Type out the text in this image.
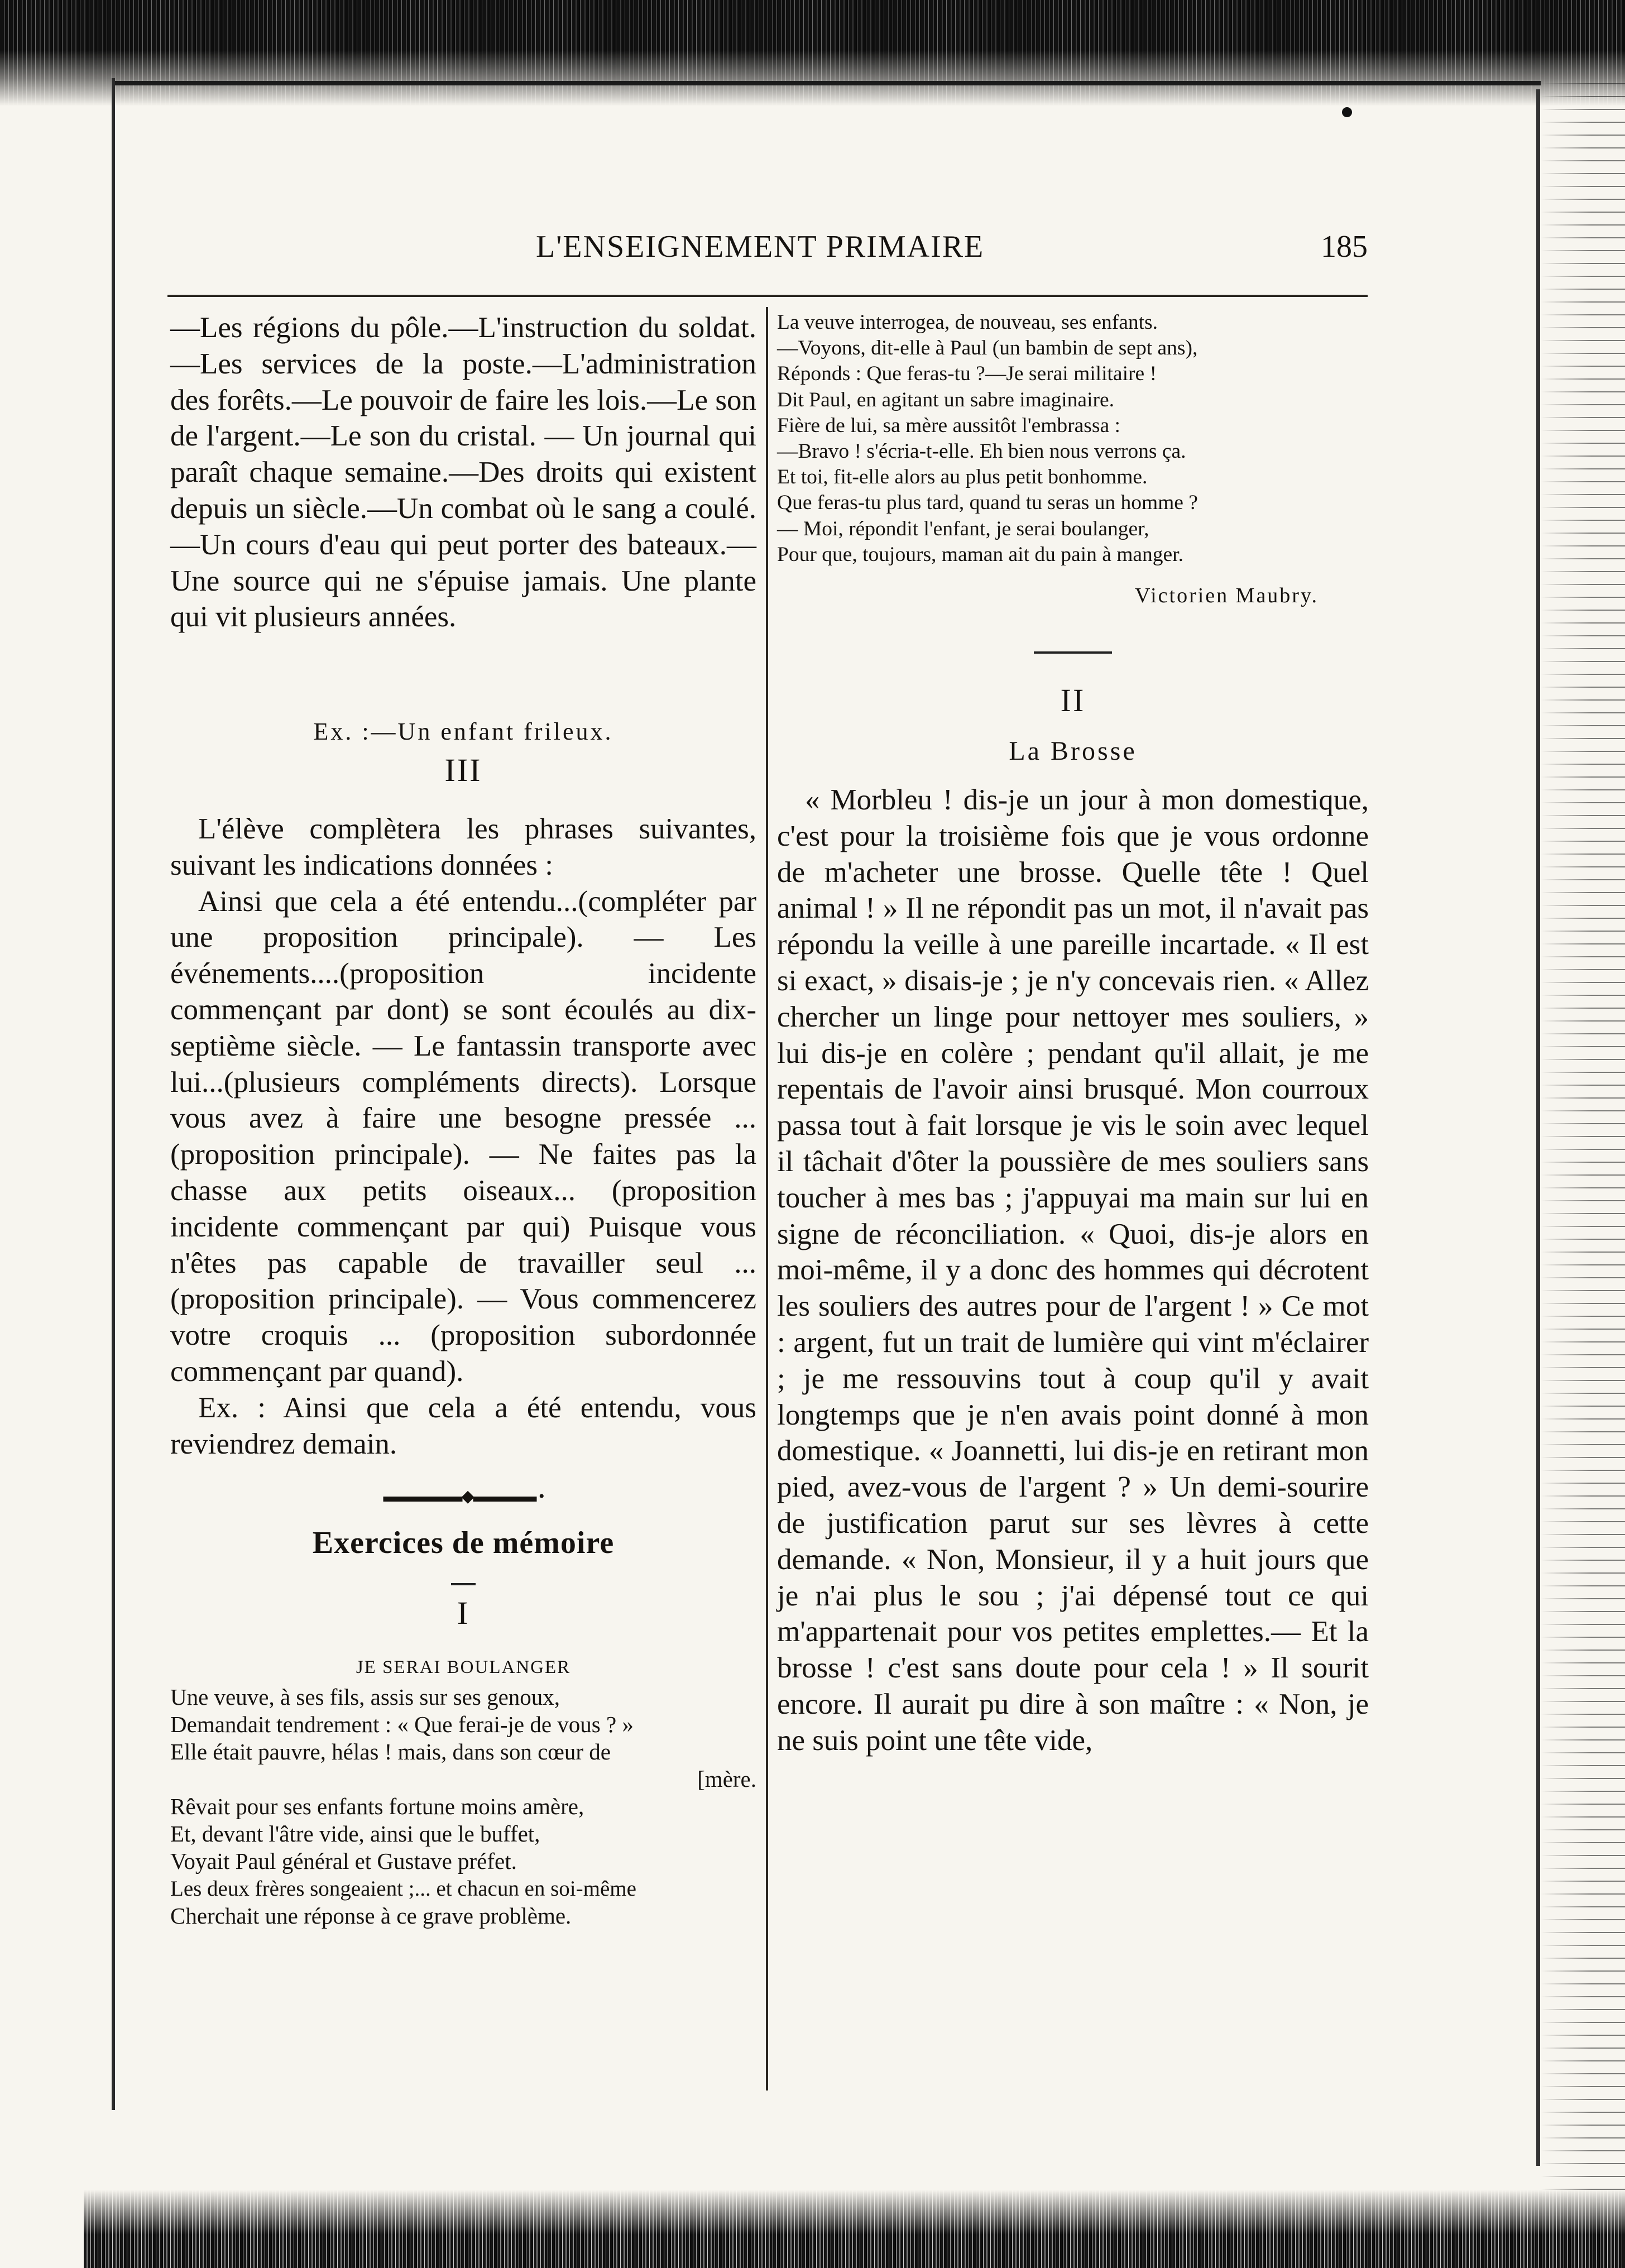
L'ENSEIGNEMENT PRIMAIRE	185

—Les régions du pôle.—L'instruction du soldat.—Les services de la poste.—L'administration des forêts.—Le pouvoir de faire les lois.—Le son de l'argent.—Le son du cristal. — Un journal qui paraît chaque semaine.—Des droits qui existent depuis un siècle.—Un combat où le sang a coulé. —Un cours d'eau qui peut porter des bateaux.—Une source qui ne s'épuise jamais. Une plante qui vit plusieurs années.

Ex. :—Un enfant frileux.

III

L'élève complètera les phrases suivantes, suivant les indications données :

Ainsi que cela a été entendu...(compléter par une proposition principale). — Les événements....(proposition incidente commençant par dont) se sont écoulés au dix-septième siècle. — Le fantassin transporte avec lui...(plusieurs compléments directs). Lorsque vous avez à faire une besogne pressée ... (proposition principale). — Ne faites pas la chasse aux petits oiseaux... (proposition incidente commençant par qui) Puisque vous n'êtes pas capable de travailler seul ... (proposition principale). — Vous commencerez votre croquis ... (proposition subordonnée commençant par quand).

Ex. : Ainsi que cela a été entendu, vous reviendrez demain.

▬▬▬▬▬◆▬▬▬▬ •

Exercices de mémoire

I

JE SERAI BOULANGER

Une veuve, à ses fils, assis sur ses genoux,

Demandait tendrement : « Que ferai-je de vous ? »

Elle était pauvre, hélas ! mais, dans son cœur de

[mère.

Rêvait pour ses enfants fortune moins amère,

Et, devant l'âtre vide, ainsi que le buffet,

Voyait Paul général et Gustave préfet.

Les deux frères songeaient ;... et chacun en soi-même

Cherchait une réponse à ce grave problème.

La veuve interrogea, de nouveau, ses enfants.

—Voyons, dit-elle à Paul (un bambin de sept ans),

Réponds : Que feras-tu ?—Je serai militaire !

Dit Paul, en agitant un sabre imaginaire.

Fière de lui, sa mère aussitôt l'embrassa :

—Bravo ! s'écria-t-elle. Eh bien nous verrons ça.

Et toi, fit-elle alors au plus petit bonhomme.

Que feras-tu plus tard, quand tu seras un homme ?

— Moi, répondit l'enfant, je serai boulanger,

Pour que, toujours, maman ait du pain à manger.

Victorien Maubry.

II

La Brosse

« Morbleu ! dis-je un jour à mon domestique, c'est pour la troisième fois que je vous ordonne de m'acheter une brosse. Quelle tête ! Quel animal ! » Il ne répondit pas un mot, il n'avait pas répondu la veille à une pareille incartade. « Il est si exact, » disais-je ; je n'y concevais rien. « Allez chercher un linge pour nettoyer mes souliers, » lui dis-je en colère ; pendant qu'il allait, je me repentais de l'avoir ainsi brusqué. Mon courroux passa tout à fait lorsque je vis le soin avec lequel il tâchait d'ôter la poussière de mes souliers sans toucher à mes bas ; j'appuyai ma main sur lui en signe de réconciliation. « Quoi, dis-je alors en moi-même, il y a donc des hommes qui décrotent les souliers des autres pour de l'argent ! » Ce mot : argent, fut un trait de lumière qui vint m'éclairer ; je me ressouvins tout à coup qu'il y avait longtemps que je n'en avais point donné à mon domestique. « Joannetti, lui dis-je en retirant mon pied, avez-vous de l'argent ? » Un demi-sourire de justification parut sur ses lèvres à cette demande. « Non, Monsieur, il y a huit jours que je n'ai plus le sou ; j'ai dépensé tout ce qui m'appartenait pour vos petites emplettes.— Et la brosse ! c'est sans doute pour cela ! » Il sourit encore. Il aurait pu dire à son maître : « Non, je ne suis point une tête vide,
